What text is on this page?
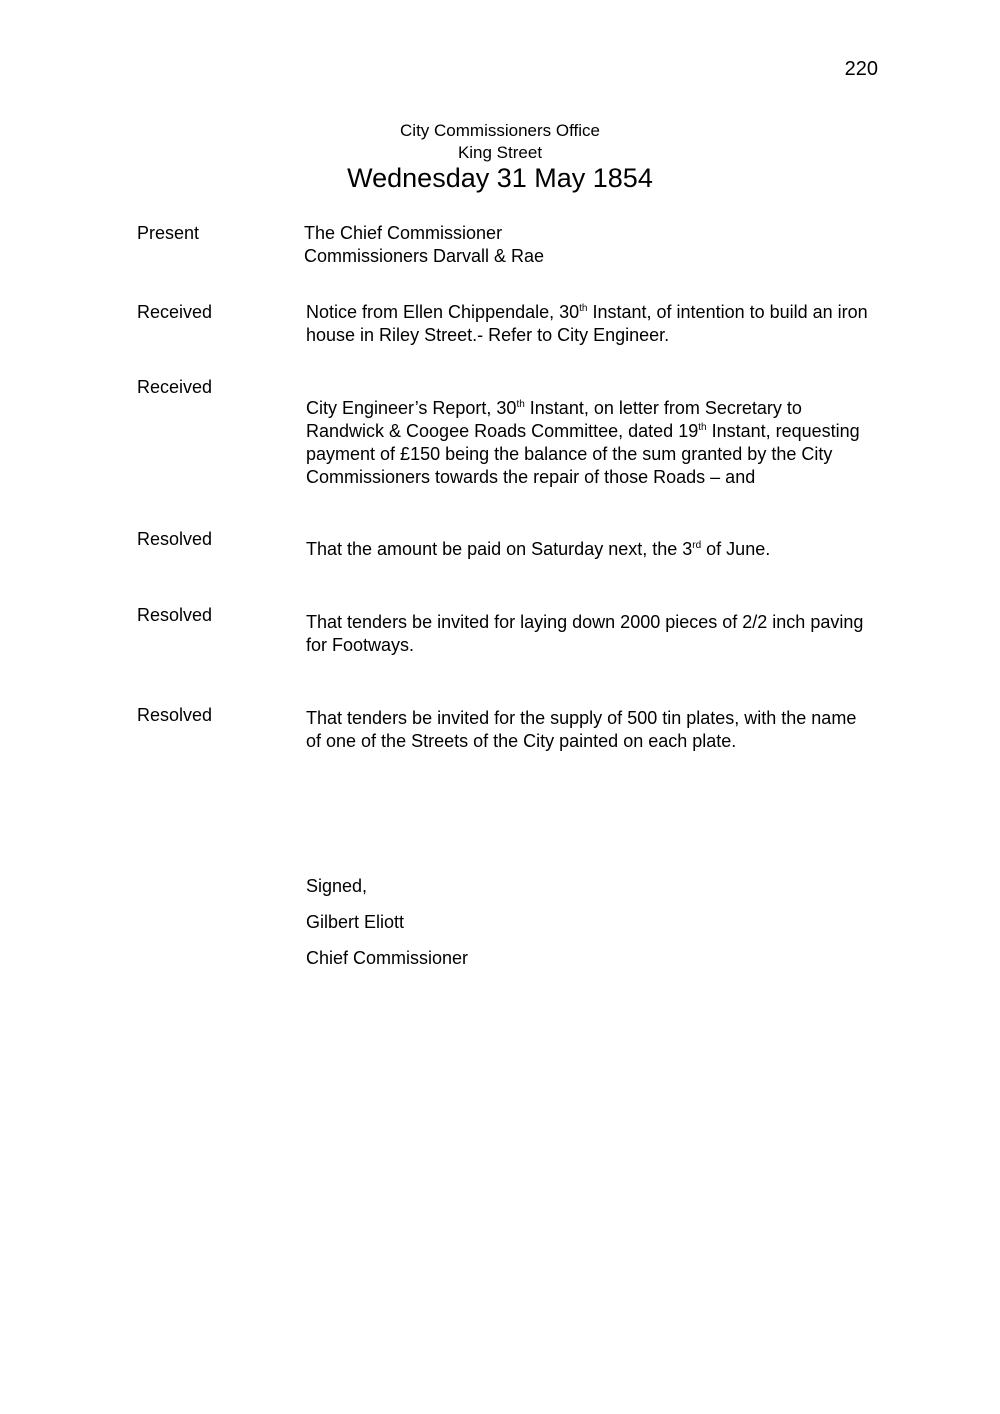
220
City Commissioners Office
King Street
Wednesday 31 May 1854
Present	The Chief Commissioner
Commissioners Darvall & Rae
Received	Notice from Ellen Chippendale, 30th Instant, of intention to build an iron
house in Riley Street.- Refer to City Engineer.
Received
City Engineer’s Report, 30th Instant, on letter from Secretary to
Randwick & Coogee Roads Committee, dated 19th Instant, requesting
payment of £150 being the balance of the sum granted by the City
Commissioners towards the repair of those Roads – and
Resolved	That the amount be paid on Saturday next, the 3rd of June.
Resolved	That tenders be invited for laying down 2000 pieces of 2/2 inch paving
for Footways.
Resolved	That tenders be invited for the supply of 500 tin plates, with the name
of one of the Streets of the City painted on each plate.
Signed,
Gilbert Eliott
Chief Commissioner
